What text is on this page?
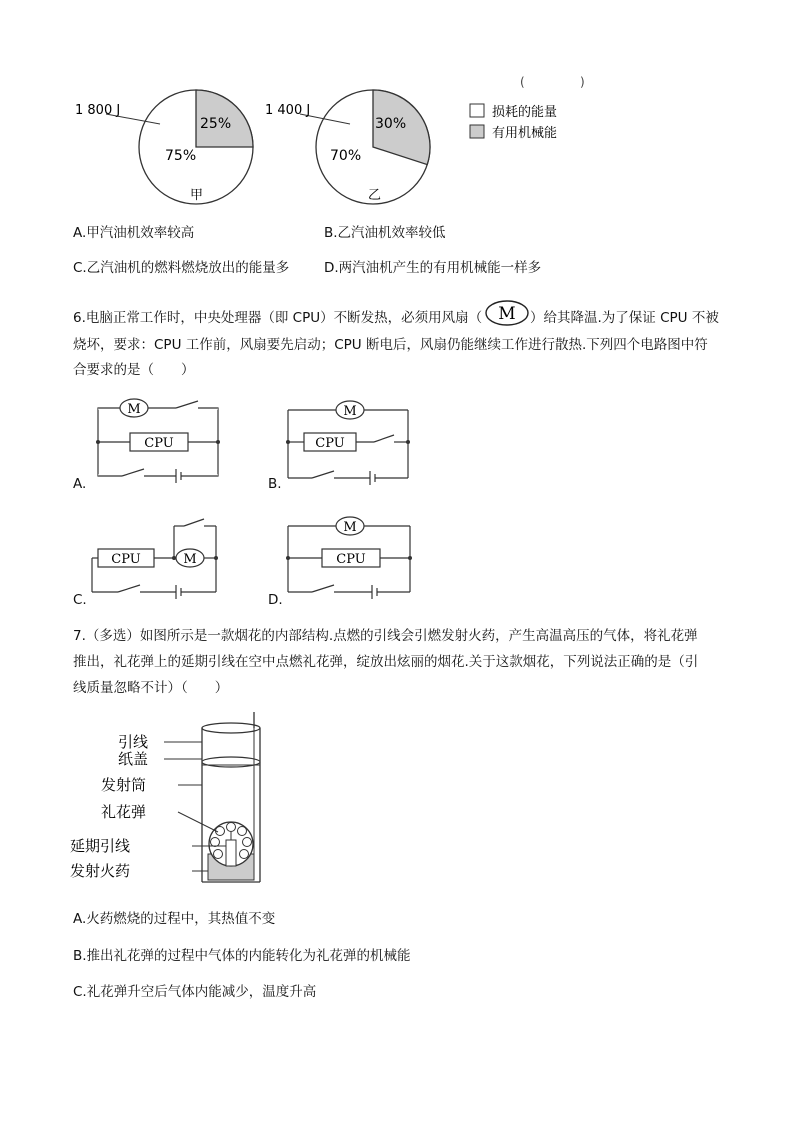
(	)
1 800 J
25%
75%
甲
1 400 J
30%
70%
乙
损耗的能量
有用机械能
A.甲汽油机效率较高	B.乙汽油机效率较低
C.乙汽油机的燃料燃烧放出的能量多	D.两汽油机产生的有用机械能一样多
6.电脑正常工作时，中央处理器（即 CPU）不断发热，必须用风扇（ M ）给其降温.为了保证 CPU 不被
烧坏，要求：CPU 工作前，风扇要先启动；CPU 断电后，风扇仍能继续工作进行散热.下列四个电路图中符
合要求的是（　　）
M
CPU
A.
M
CPU
B.
CPU	M
C.
M
CPU
D.
7.（多选）如图所示是一款烟花的内部结构.点燃的引线会引燃发射火药，产生高温高压的气体，将礼花弹
推出，礼花弹上的延期引线在空中点燃礼花弹，绽放出炫丽的烟花.关于这款烟花，下列说法正确的是（引
线质量忽略不计）（　　）
引线
纸盖
发射筒
礼花弹
延期引线
发射火药
A.火药燃烧的过程中，其热值不变
B.推出礼花弹的过程中气体的内能转化为礼花弹的机械能
C.礼花弹升空后气体内能减少，温度升高
